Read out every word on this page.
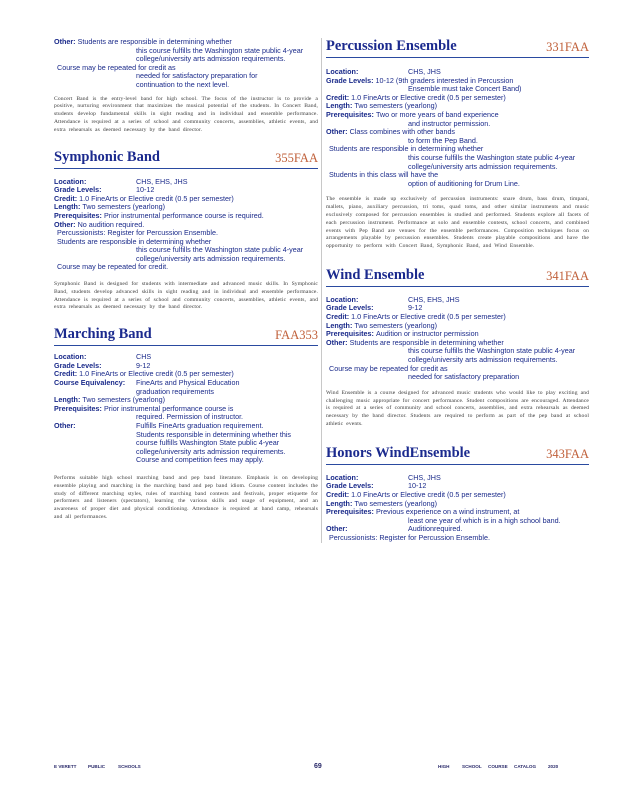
Other:
Students are responsible in determining whether
this course fulfills the Washington state public 4-year
college/university arts admission requirements.
Course may be repeated for credit as
needed for satisfactory preparation for
continuation to the next level.
Concert Band is the entry-level band for high school. The focus of the instructor is to provide a positive, nurturing environment that maximizes the musical potential of the students. In Concert Band, students develop fundamental skills in sight reading and in individual and ensemble performance. Attendance is required at a series of school and community concerts, assemblies, athletic events, and extra rehearsals as deemed necessary by the band director.
Symphonic Band	355FAA
Location:	CHS, EHS, JHS
Grade Levels:	10-12
Credit:
1.0 FineArts or Elective credit (0.5 per semester)
Length:
Two semesters (yearlong)
Prerequisites:
Prior instrumental performance course is required.
Other:
No audition required.
Percussionists: Register for Percussion Ensemble.
Students are responsible in determining whether
this course fulfills the Washington state public 4-year
college/university arts admission requirements.
Course may be repeated for credit.
Symphonic Band is designed for students with intermediate and advanced music skills. In Symphonic Band, students develop advanced skills in sight reading and in individual and ensemble performance. Attendance is required at a series of school and community concerts, assemblies, athletic events, and extra rehearsals as deemed necessary by the band director.
Marching Band	FAA353
Location:	CHS
Grade Levels:	9-12
Credit:
1.0 FineArts or Elective credit (0.5 per semester)
Course Equivalency:	FineArts and Physical Education
graduation requirements
Length:
Two semesters (yearlong)
Prerequisites:
Prior instrumental performance course is
required. Permission of instructor.
Other:	Fulfills FineArts graduation requirement.
Students responsible in determining whether this
course fulfills Washington State public 4-year
college/university arts admission requirements.
Course and competition fees may apply.
Performs suitable high school marching band and pep band literature. Emphasis is on developing ensemble playing and marching in the marching band and pep band idiom. Course content includes the study of different marching styles, rules of marching band contests and festivals, proper etiquette for performers and listeners (spectators), learning the various skills and usage of equipment, and an awareness of proper diet and physical conditioning. Attendance is required at band camp, rehearsals and all performances.
Percussion Ensemble	331FAA
Location:	CHS, JHS
Grade Levels:
10-12 (9th graders interested in Percussion
Ensemble must take Concert Band)
Credit:
1.0 FineArts or Elective credit (0.5 per semester)
Length:
Two semesters (yearlong)
Prerequisites:
Two or more years of band experience
and instructor permission.
Other:
Class combines with other bands
to form the Pep Band.
Students are responsible in determining whether
this course fulfills the Washington state public 4-year
college/university arts admission requirements.
Students in this class will have the
option of auditioning for Drum Line.
The ensemble is made up exclusively of percussion instruments: snare drum, bass drum, timpani, mallets, piano, auxiliary percussion, tri toms, quad toms, and other similar instruments and music exclusively composed for percussion ensembles is studied and performed. Students explore all facets of each percussion instrument. Performance at solo and ensemble contests, school concerts, and combined events with Pep Band are venues for the ensemble performances. Composition techniques focus on arrangements playable by percussion ensembles. Students create playable compositions and have the opportunity to perform with Concert Band, Symphonic Band, and Wind Ensemble.
Wind Ensemble	341FAA
Location:	CHS, EHS, JHS
Grade Levels:	9-12
Credit:
1.0 FineArts or Elective credit (0.5 per semester)
Length:
Two semesters (yearlong)
Prerequisites:
Audition or instructor permission
Other:
Students are responsible in determining whether
this course fulfills the Washington state public 4-year
college/university arts admission requirements.
Course may be repeated for credit as
needed for satisfactory preparation
Wind Ensemble is a course designed for advanced music students who would like to play exciting and challenging music appropriate for concert performance. Student compositions are encouraged. Attendance is required at a series of community and school concerts, assemblies, and extra rehearsals as deemed necessary by the band director. Students are required to perform as part of the pep band at school athletic events.
Honors WindEnsemble	343FAA
Location:	CHS, JHS
Grade Levels:	10-12
Credit:
1.0 FineArts or Elective credit (0.5 per semester)
Length:
Two semesters (yearlong)
Prerequisites:
Previous experience on a wind instrument, at
least one year of which is in a high school band.
Other:	Auditionrequired.
Percussionists: Register for Percussion Ensemble.
E VERETT	PUBLIC	SCHOOLS	69	HIGH	SCHOOL COURSE CATALOG	2020
